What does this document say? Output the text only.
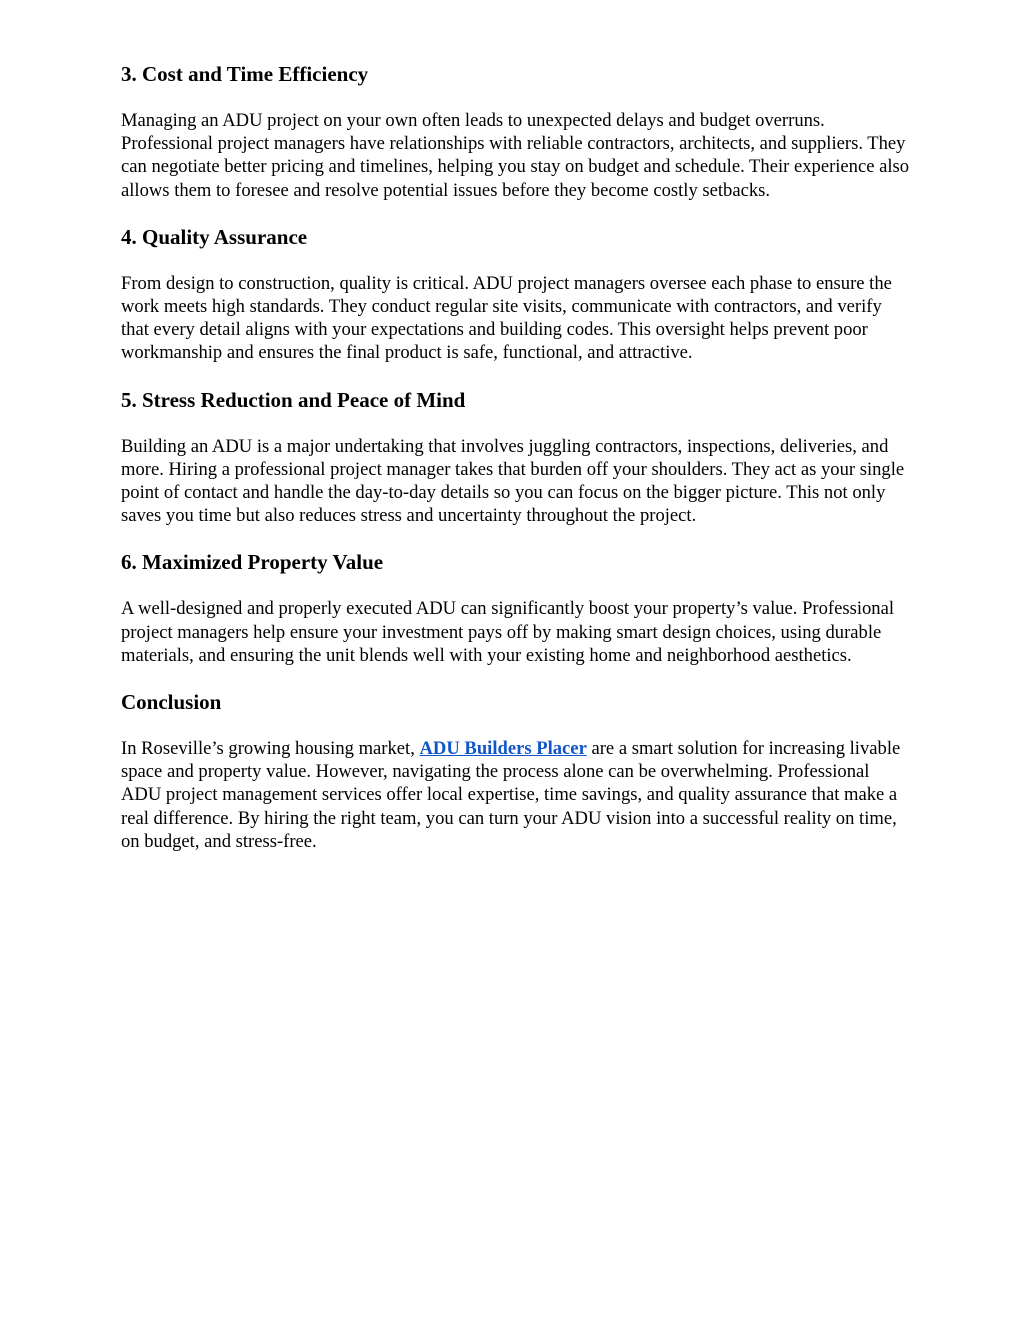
3. Cost and Time Efficiency

Managing an ADU project on your own often leads to unexpected delays and budget overruns. Professional project managers have relationships with reliable contractors, architects, and suppliers. They can negotiate better pricing and timelines, helping you stay on budget and schedule. Their experience also allows them to foresee and resolve potential issues before they become costly setbacks.

4. Quality Assurance

From design to construction, quality is critical. ADU project managers oversee each phase to ensure the work meets high standards. They conduct regular site visits, communicate with contractors, and verify that every detail aligns with your expectations and building codes. This oversight helps prevent poor workmanship and ensures the final product is safe, functional, and attractive.

5. Stress Reduction and Peace of Mind

Building an ADU is a major undertaking that involves juggling contractors, inspections, deliveries, and more. Hiring a professional project manager takes that burden off your shoulders. They act as your single point of contact and handle the day-to-day details so you can focus on the bigger picture. This not only saves you time but also reduces stress and uncertainty throughout the project.

6. Maximized Property Value

A well-designed and properly executed ADU can significantly boost your property’s value. Professional project managers help ensure your investment pays off by making smart design choices, using durable materials, and ensuring the unit blends well with your existing home and neighborhood aesthetics.

Conclusion

In Roseville’s growing housing market, ADU Builders Placer are a smart solution for increasing livable space and property value. However, navigating the process alone can be overwhelming. Professional ADU project management services offer local expertise, time savings, and quality assurance that make a real difference. By hiring the right team, you can turn your ADU vision into a successful reality on time, on budget, and stress-free.
